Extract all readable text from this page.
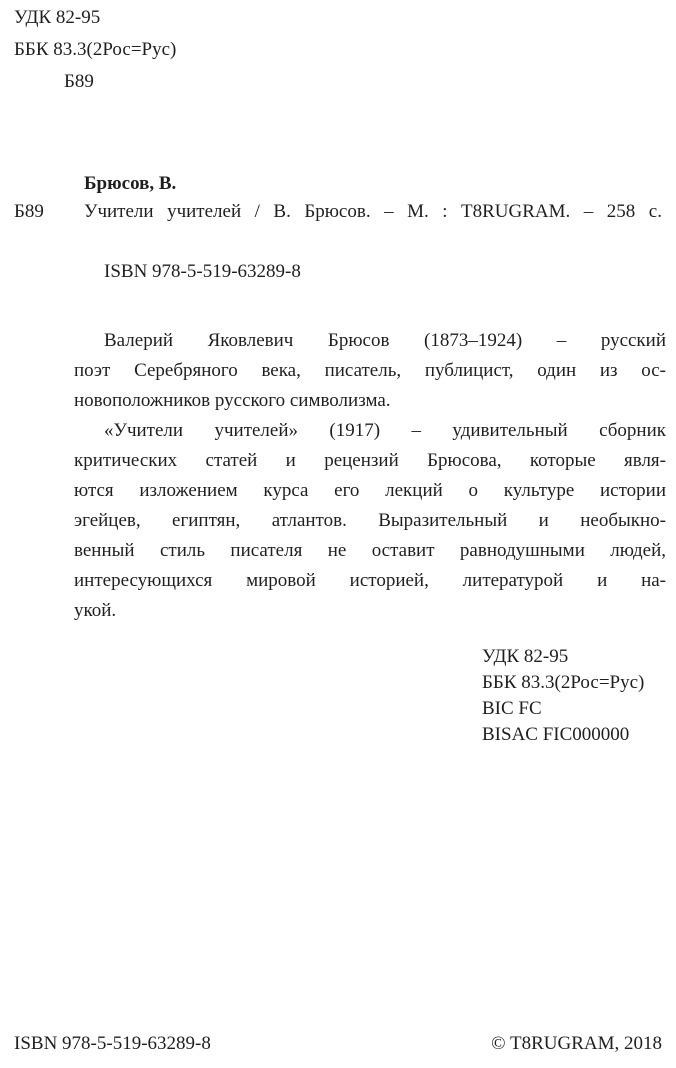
УДК 82-95
ББК 83.3(2Рос=Рус)
Б89
Брюсов, В.
Б89 Учители учителей / В. Брюсов. – М. : T8RUGRAM. – 258 с.
ISBN 978-5-519-63289-8
Валерий Яковлевич Брюсов (1873–1924) – русский
поэт Серебряного века, писатель, публицист, один из ос-
новоположников русского символизма.
«Учители учителей» (1917) – удивительный сборник
критических статей и рецензий Брюсова, которые явля-
ются изложением курса его лекций о культуре истории
эгейцев, египтян, атлантов. Выразительный и необыкно-
венный стиль писателя не оставит равнодушными людей,
интересующихся мировой историей, литературой и на-
укой.
УДК 82-95
ББК 83.3(2Рос=Рус)
BIC FC
BISAC FIC000000
ISBN 978-5-519-63289-8	© T8RUGRAM, 2018
